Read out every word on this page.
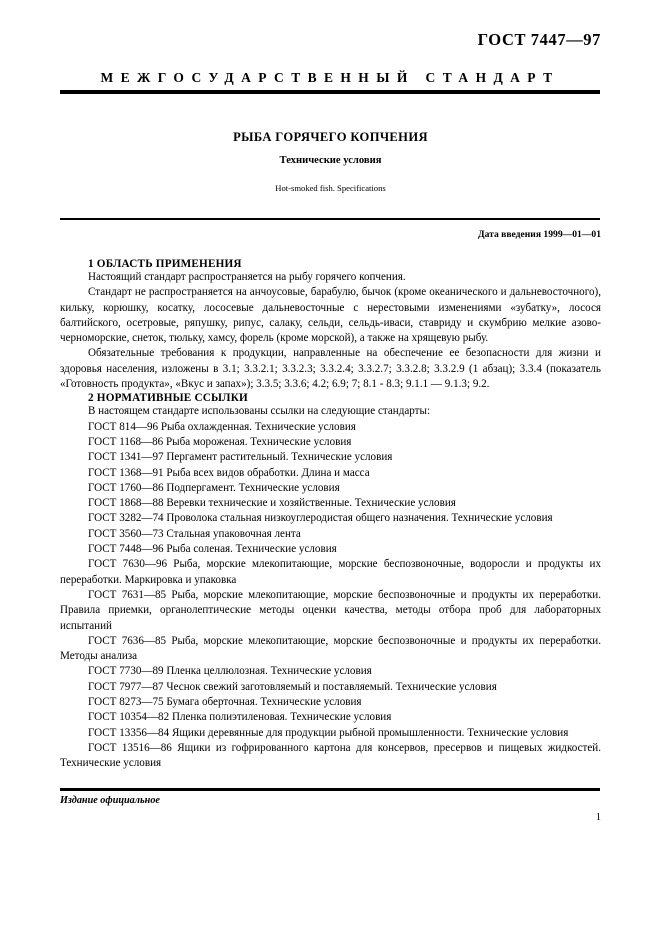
ГОСТ 7447—97
МЕЖГОСУДАРСТВЕННЫЙ СТАНДАРТ
РЫБА ГОРЯЧЕГО КОПЧЕНИЯ
Технические условия
Hot-smoked fish. Specifications
Дата введения 1999—01—01
1 ОБЛАСТЬ ПРИМЕНЕНИЯ

Настоящий стандарт распространяется на рыбу горячего копчения.

Стандарт не распространяется на анчоусовые, барабулю, бычок (кроме океанического и дальневосточного), кильку, корюшку, косатку, лососевые дальневосточные с нерестовыми изменениями «зубатку», лосося балтийского, осетровые, ряпушку, рипус, салаку, сельди, сельдь-иваси, ставриду и скумбрию мелкие азово-черноморские, снеток, тюльку, хамсу, форель (кроме морской), а также на хрящевую рыбу.

Обязательные требования к продукции, направленные на обеспечение ее безопасности для жизни и здоровья населения, изложены в 3.1; 3.3.2.1; 3.3.2.3; 3.3.2.4; 3.3.2.7; 3.3.2.8; 3.3.2.9 (1 абзац); 3.3.4 (показатель «Готовность продукта», «Вкус и запах»); 3.3.5; 3.3.6; 4.2; 6.9; 7; 8.1 - 8.3; 9.1.1 — 9.1.3; 9.2.

2 НОРМАТИВНЫЕ ССЫЛКИ

В настоящем стандарте использованы ссылки на следующие стандарты:

ГОСТ 814—96 Рыба охлажденная. Технические условия
ГОСТ 1168—86 Рыба мороженая. Технические условия
ГОСТ 1341—97 Пергамент растительный. Технические условия
ГОСТ 1368—91 Рыба всех видов обработки. Длина и масса
ГОСТ 1760—86 Подпергамент. Технические условия
ГОСТ 1868—88 Веревки технические и хозяйственные. Технические условия
ГОСТ 3282—74 Проволока стальная низкоуглеродистая общего назначения. Технические условия
ГОСТ 3560—73 Стальная упаковочная лента
ГОСТ 7448—96 Рыба соленая. Технические условия
ГОСТ 7630—96 Рыба, морские млекопитающие, морские беспозвоночные, водоросли и продукты их переработки. Маркировка и упаковка
ГОСТ 7631—85 Рыба, морские млекопитающие, морские беспозвоночные и продукты их переработки. Правила приемки, органолептические методы оценки качества, методы отбора проб для лабораторных испытаний
ГОСТ 7636—85 Рыба, морские млекопитающие, морские беспозвоночные и продукты их переработки. Методы анализа
ГОСТ 7730—89 Пленка целлюлозная. Технические условия
ГОСТ 7977—87 Чеснок свежий заготовляемый и поставляемый. Технические условия
ГОСТ 8273—75 Бумага оберточная. Технические условия
ГОСТ 10354—82 Пленка полиэтиленовая. Технические условия
ГОСТ 13356—84 Ящики деревянные для продукции рыбной промышленности. Технические условия
ГОСТ 13516—86 Ящики из гофрированного картона для консервов, пресервов и пищевых жидкостей. Технические условия
Издание официальное
1
